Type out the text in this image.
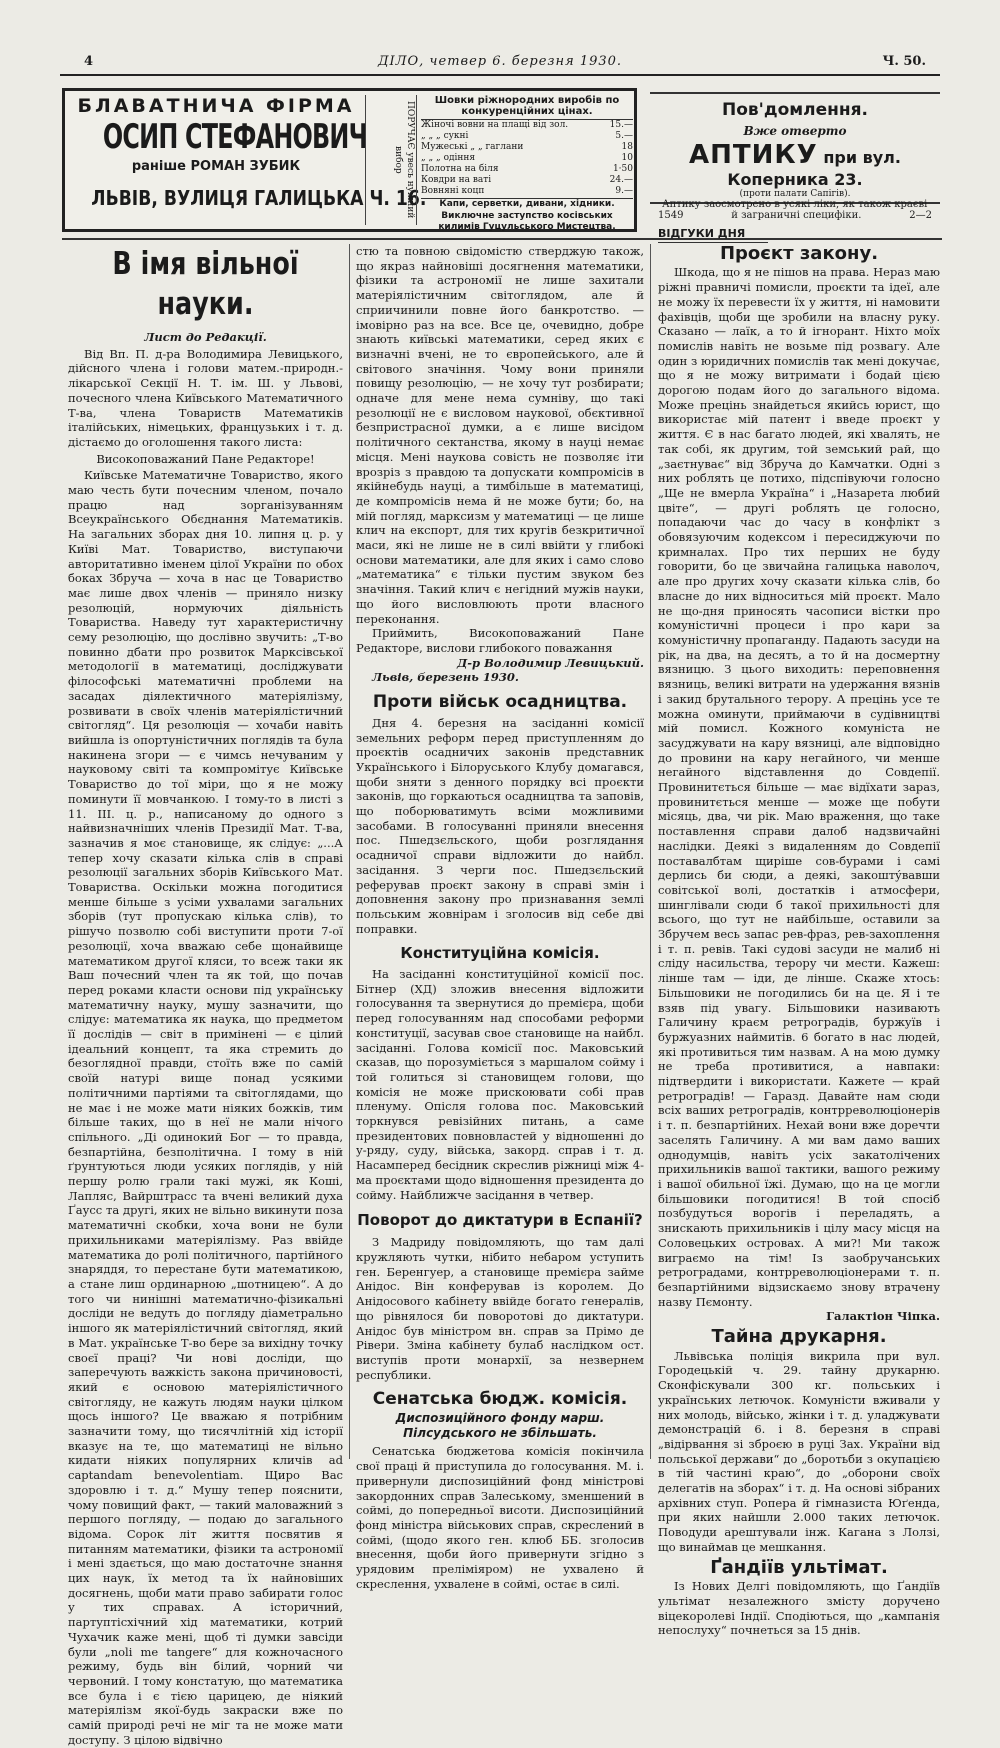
4	ДІЛО, четвер 6. березня 1930.	Ч. 50.
БЛАВАТНИЧА ФІРМА
ОСИП СТЕФАНОВИЧ
раніше РОМАН ЗУБИК
ЛЬВІВ, ВУЛИЦЯ ГАЛИЦЬКА Ч. 16.
ПОРУЧАЄ увесь нужний вибор
Шовки ріжнородних виробів по конкуренційних цінах.
Жіночі вовни на плащі від зол.	15.—
„ „ „ сукні	5.—
Мужеські „ „ гаглани	18
„ „ „ одіння	10
Полотна на біля	1·50
Ковдри на ваті	24.—
Вовняні коцп	9.—
Капи, серветки, дивани, хідники.
Виключне заступство косівських килимів Гуцульського Мистецтва.
Пов'домлення.
Вже отверто
АПТИКУ при вул. Коперника 23.
(проти палати Сапігів).
Аптику заосмотрено в усякі ліки, як також краєві
1549	й заграничні специфіки.	2—2
В імя вільної науки.
Лист до Редакції.

Від Вп. П. д-ра Володимира Левицького, дійсного члена і голови матем.-природн.-лікарської Секції Н. Т. ім. Ш. у Львові, почесного члена Київського Математичного Т-ва, члена Товариств Математиків італійських, німецьких, французьких і т. д. дістаємо до оголошення такого листа:

Високоповажаний Пане Редакторе!

Київське Математичне Товариство, якого маю честь бути почесним членом, почало працю над зорганізуванням Всеукраїнського Обєднання Математиків. На загальних зборах дня 10. липня ц. р. у Київі Мат. Товариство, виступаючи авторитативно іменем цілої України по обох боках Збруча — хоча в нас це Товариство має лише двох членів — приняло низку резолюцій, нормуючих діяльність Товариства. Наведу тут характеристичну сему резолюцію, що дослівно звучить: „Т-во повинно дбати про розвиток Марксівської методології в математиці, досліджувати філософські математичні проблеми на засадах діялектичного матеріялізму, розвивати в своїх членів матеріялістичний світогляд“. Ця резолюція — хочаби навіть вийшла із опортуністичних поглядів та була накинена згори — є чимсь нечуваним у науковому світі та компромітує Київське Товариство до тої міри, що я не можу поминути її мовчанкою. І тому-то в листі з 11. III. ц. р., написаному до одного з найвизначніших членів Президії Мат. Т-ва, зазначив я моє становище, як слідує: „...А тепер хочу сказати кілька слів в справі резолюції загальних зборів Київського Мат. Товариства. Оскільки можна погодитися менше більше з усіми ухвалами загальних зборів (тут пропускаю кілька слів), то рішучо позволю собі виступити проти 7-ої резолюції, хоча вважаю себе щонайвище математиком другої кляси, то всеж таки як Ваш почесний член та як той, що почав перед роками класти основи під українську математичну науку, мушу зазначити, що слідує: математика як наука, що предметом її дослідів — світ в примінені — є цілий ідеальний концепт, та яка стремить до безоглядної правди, стоїть вже по самій своїй натурі вище понад усякими політичними партіями та світоглядами, що не має і не може мати ніяких божків, тим більше таких, що в неї не мали нічого спільного. „Ді одинокий Бог — то правда, безпартійна, безполітична. І тому в ній ґрунтуються люди усяких поглядів, у ній першу ролю грали такі мужі, як Коші, Лапляс, Вайрштрасс та вчені великий духа Ґаусс та другі, яких не вільно викинути поза математичні скобки, хоча вони не були прихильниками матеріялізму. Раз ввійде математика до ролі політичного, партійного знаряддя, то перестане бути математикою, а стане лиш ординарною „шотницею“. А до того чи нинішні математично-фізикальні досліди не ведуть до погляду діаметрально іншого як матеріялістичний світогляд, який в Мат. українське Т-во бере за вихідну точку своєї праці? Чи нові досліди, що заперечують важкість закона причиновості, який є основою матеріялістичного світогляду, не кажуть людям науки цілком щось іншого? Це вважаю я потрібним зазначити тому, що тисячлітній хід історії вказує на те, що математиці не вільно кидати ніяких популярних кличів ad captandam benevolentiam. Щиро Вас здоровлю і т. д.“ Мушу тепер пояснити, чому повищий факт, — такий маловажний з першого погляду, — подаю до загального відома. Сорок літ життя посвятив я питанням математики, фізики та астрономії і мені здається, що маю достаточне знання цих наук, їх метод та їх найновіших досягнень, щоби мати право забирати голос у тих справах. А історичний, партуптісхічний хід математики, котрий Чухачик каже мені, щоб ті думки завсіди були „noli me tangere“ для кожночасного режиму, будь він білий, чорний чи червоний. І тому констатую, що математика все була і є тією царицею, де ніякий матеріялізм якої-будь закраски вже по самій природі речі не міг та не може мати доступу. З цілою відвічно

стю та повною свідомістю стверджую також, що якраз найновіші досягнення математики, фізики та астрономії не лише захитали матеріялістичним світоглядом, але й сприичинили повне його банкротство. — імовірно раз на все. Все це, очевидно, добре знають київські математики, серед яких є визначні вчені, не то європейського, але й світового значіння. Чому вони приняли повищу резолюцію, — не хочу тут розбирати; одначе для мене нема сумніву, що такі резолюції не є висловом наукової, обєктивної безпристрасної думки, а є лише висідом політичного сектанства, якому в науці немає місця. Мені наукова совість не позволяє іти врозріз з правдою та допускати компромісів в якійнебудь науці, а тимбільше в математиці, де компромісів нема й не може бути; бо, на мій погляд, марксизм у математиці — це лише клич на експорт, для тих кругів безкритичної маси, які не лише не в силі ввійти у глибокі основи математики, але для яких і само слово „математика“ є тільки пустим звуком без значіння. Такий клич є негідний мужів науки, що його висловлюють проти власного переконання.

Приймить, Високоповажаний Пане Редакторе, вислови глибокого поважання

Д-р Володимир Левицький.

Львів, березень 1930.

Проти військ осадництва.

Дня 4. березня на засіданні комісії земельних реформ перед приступленням до проєктів осадничих законів представник Українського і Білоруського Клубу домагався, щоби зняти з денного порядку всі проєкти законів, що горкаються осадництва та заповів, що поборюватимуть всіми можливими засобами. В голосуванні приняли внесення пос. Пшедзєльского, щоби розглядання осадничої справи відложити до найбл. засідання. З черги пос. Пшедзєльский реферував проєкт закону в справі змін і доповнення закону про признавання землі польським жовнірам і зголосив від себе дві поправки.

Конституційна комісія.

На засіданні конституційної комісії пос. Бітнер (ХД) зложив внесення відложити голосування та звернутися до премієра, щоби перед голосуванням над способами реформи конституції, засував свое становище на найбл. засіданні. Голова комісії пос. Маковський сказав, що порозуміється з маршалом сойму і той голиться зі становищем голови, що комісія не може прискоювати собі прав пленуму. Опісля голова пос. Маковський торкнувся ревізійних питань, а саме президентових повновластей у відношенні до у-ряду, суду, війська, закорд. справ і т. д. Насамперед бесідник скреслив ріжниці між 4-ма проєктами щодо відношення президента до сойму. Найближче засідання в четвер.

Поворот до диктатури в Еспанії?

З Мадриду повідомляють, що там далі кружляють чутки, нібито небаром уступить ген. Беренгуер, а становище премієра займе Анідос. Він конферував із королем. До Анідосового кабінету ввійде богато генералів, що рівнялося би поворотові до диктатури. Анідос був міністром вн. справ за Прімо де Рівери. Зміна кабінету булаб наслідком ост. виступів проти монархії, за незвернем республики.

Сенатська бюдж. комісія.
Диспозиційного фонду марш. Пілсудського не збільшать.

Сенатська бюджетова комісія покінчила свої праці й приступила до голосування. М. і. привернули диспозиційний фонд міністрові закордонних справ Залеському, зменшений в соймі, до попередньої висоти. Диспозиційний фонд міністра військових справ, скреслений в соймі, (щодо якого ген. клюб ББ. зголосив внесення, щоби його привернути згідно з урядовим преліміяром) не ухвалено й скреслення, ухвалене в соймі, остає в силі.

ВІДГУКИ ДНЯ
Проєкт закону.

Шкода, що я не пішов на права. Нераз маю ріжні правничі помисли, проєкти та ідеї, але не можу їх перевести їх у життя, ні намовити фахівців, щоби ще зробили на власну руку. Сказано — лаїк, а то й ігнорант. Ніхто моїх помислів навіть не возьме під розвагу. Але один з юридичних помислів так мені докучає, що я не можу витримати і бодай цією дорогою подам його до загального відома. Може прецінь знайдеться якийсь юрист, що використає мій патент і введе проєкт у життя. Є в нас багато людей, які хвалять, не так собі, як другим, той земський рай, що „заєтнуває“ від Збруча до Камчатки. Одні з них роблять це потихо, підспівуючи голосно „Ще не вмерла Україна“ і „Назарета любий цвіте“, — другі роблять це голосно, попадаючи час до часу в конфлікт з обовязуючим кодексом і пересиджуючи по кримналах. Про тих перших не буду говорити, бо це звичайна галицька наволоч, але про других хочу сказати кілька слів, бо власне до них відноситься мій проєкт. Мало не що-дня приносять часописи вістки про комуністичні процеси і про кари за комуністичну пропаганду. Падають засуди на рік, на два, на десять, а то й на досмертну вязницю. З цього виходить: переповнення вязниць, великі витрати на удержання вязнів і закид брутального терору. А прецінь усе те можна оминути, приймаючи в судівництві мій помисл. Кожного комуніста не засуджувати на кару вязниці, але відповідно до провини на кару негайного, чи менше негайного відставлення до Совдепії. Провинитється більше — має відїхати зараз, провинитється менше — може ще побути місяць, два, чи рік. Маю враження, що таке поставлення справи далоб надзвичайні наслідки. Деякі з видаленням до Совдепії поставалбтам щиріше сов-бурами і самі дерлись би сюди, а деякі, закошту́вавши совітської волі, достатків і атмосфери, шинглівали сюди б такої прихильності для всього, що тут не найбільше, оставили за Збручем весь запас рев-фраз, рев-захоплення і т. п. ревів. Такі судові засуди не малиб ні сліду насильства, терору чи мести. Кажеш: лінше там — іди, де лінше. Скаже хтось: Більшовики не погодились би на це. Я і те взяв під увагу. Більшовики називають Галичину краєм ретроградів, буржуїв і буржуазних наймитів. 6 богато в нас людей, які противиться тим назвам. А на мою думку не треба противитися, а навпаки: підтвердити і використати. Кажете — край ретроградів! — Гаразд. Давайте нам сюди всіх ваших ретроградів, контрреволюціонерів і т. п. безпартійних. Нехай вони вже доречти заселять Галичину. А ми вам дамо ваших однодумців, навіть усіх закатолічених прихильників вашої тактики, вашого режиму і вашої обильної їжі. Думаю, що на це могли більшовики погодитися! В той спосіб позбудуться ворогів і переладять, а знискають прихильників і цілу масу місця на Соловецьких островах. А ми?! Ми також виграємо на тім! Із заобручанських ретроградами, контрреволюціонерами т. п. безпартійними відзискаємо знову втрачену назву Пємонту.

Галактіон Чіпка.

Тайна друкарня.

Львівська поліція викрила при вул. Городецькій ч. 29. тайну друкарню. Сконфіскували 300 кг. польських і українських летючок. Комуністи вживали у них молодь, військо, жінки і т. д. уладжувати демонстрацій 6. і 8. березня в справі „відірвання зі зброєю в руці Зах. України від польської держави“ до „боротьби з окупацією в тій частині краю“, до „оборони своїх делегатів на зборах“ і т. д. На основі зібраних архівних ступ. Ропера й гімназиста Юґенда, при яких найшли 2.000 таких летючок. Поводуди арештували інж. Кагана з Лолзі, що винаймав це мешкання.

Ґандіїв ультімат.

Із Нових Делгі повідомляють, що Ґандіїв ультімат незалежного змісту доручено віцекоролеві Індії. Сподіються, що „кампанія непослуху“ почнеться за 15 днів.
